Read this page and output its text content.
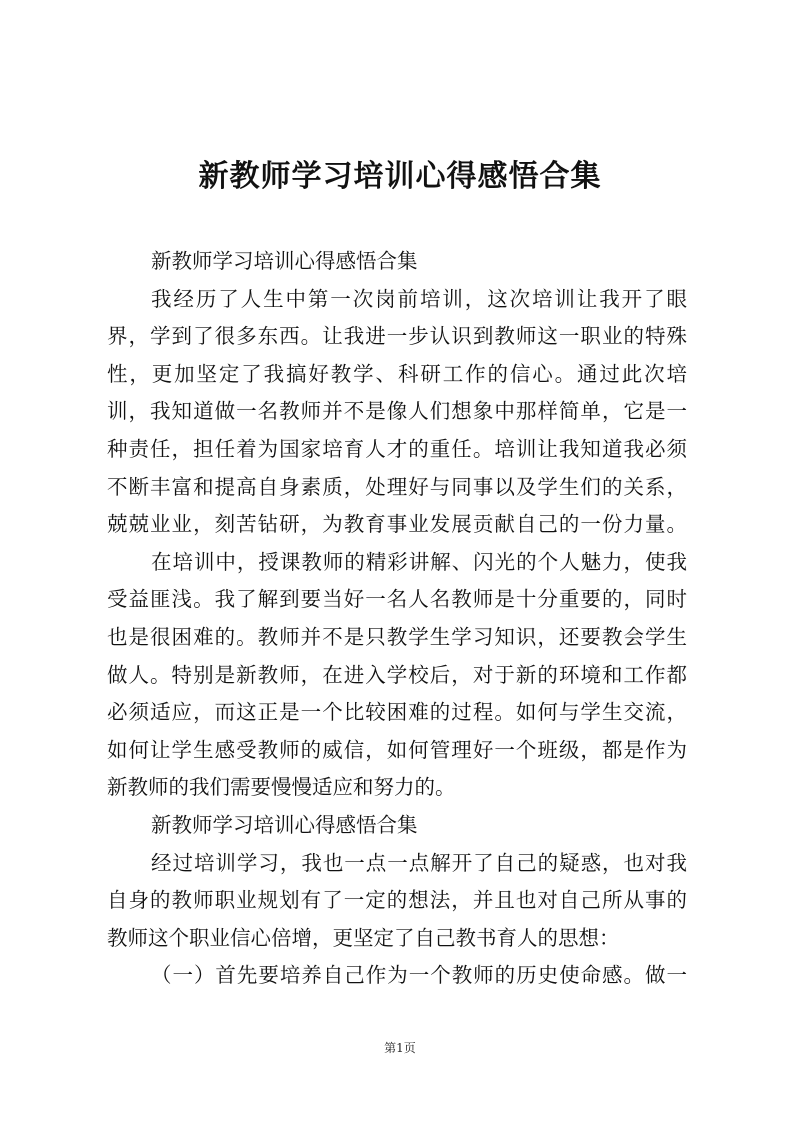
新教师学习培训心得感悟合集
新教师学习培训心得感悟合集
我经历了人生中第一次岗前培训，这次培训让我开了眼
界，学到了很多东西。让我进一步认识到教师这一职业的特殊
性，更加坚定了我搞好教学、科研工作的信心。通过此次培
训，我知道做一名教师并不是像人们想象中那样简单，它是一
种责任，担任着为国家培育人才的重任。培训让我知道我必须
不断丰富和提高自身素质，处理好与同事以及学生们的关系，
兢兢业业，刻苦钻研，为教育事业发展贡献自己的一份力量。
在培训中，授课教师的精彩讲解、闪光的个人魅力，使我
受益匪浅。我了解到要当好一名人名教师是十分重要的，同时
也是很困难的。教师并不是只教学生学习知识，还要教会学生
做人。特别是新教师，在进入学校后，对于新的环境和工作都
必须适应，而这正是一个比较困难的过程。如何与学生交流，
如何让学生感受教师的威信，如何管理好一个班级，都是作为
新教师的我们需要慢慢适应和努力的。
新教师学习培训心得感悟合集
经过培训学习，我也一点一点解开了自己的疑惑，也对我
自身的教师职业规划有了一定的想法，并且也对自己所从事的
教师这个职业信心倍增，更坚定了自己教书育人的思想：
（一）首先要培养自己作为一个教师的历史使命感。做一
第1页
